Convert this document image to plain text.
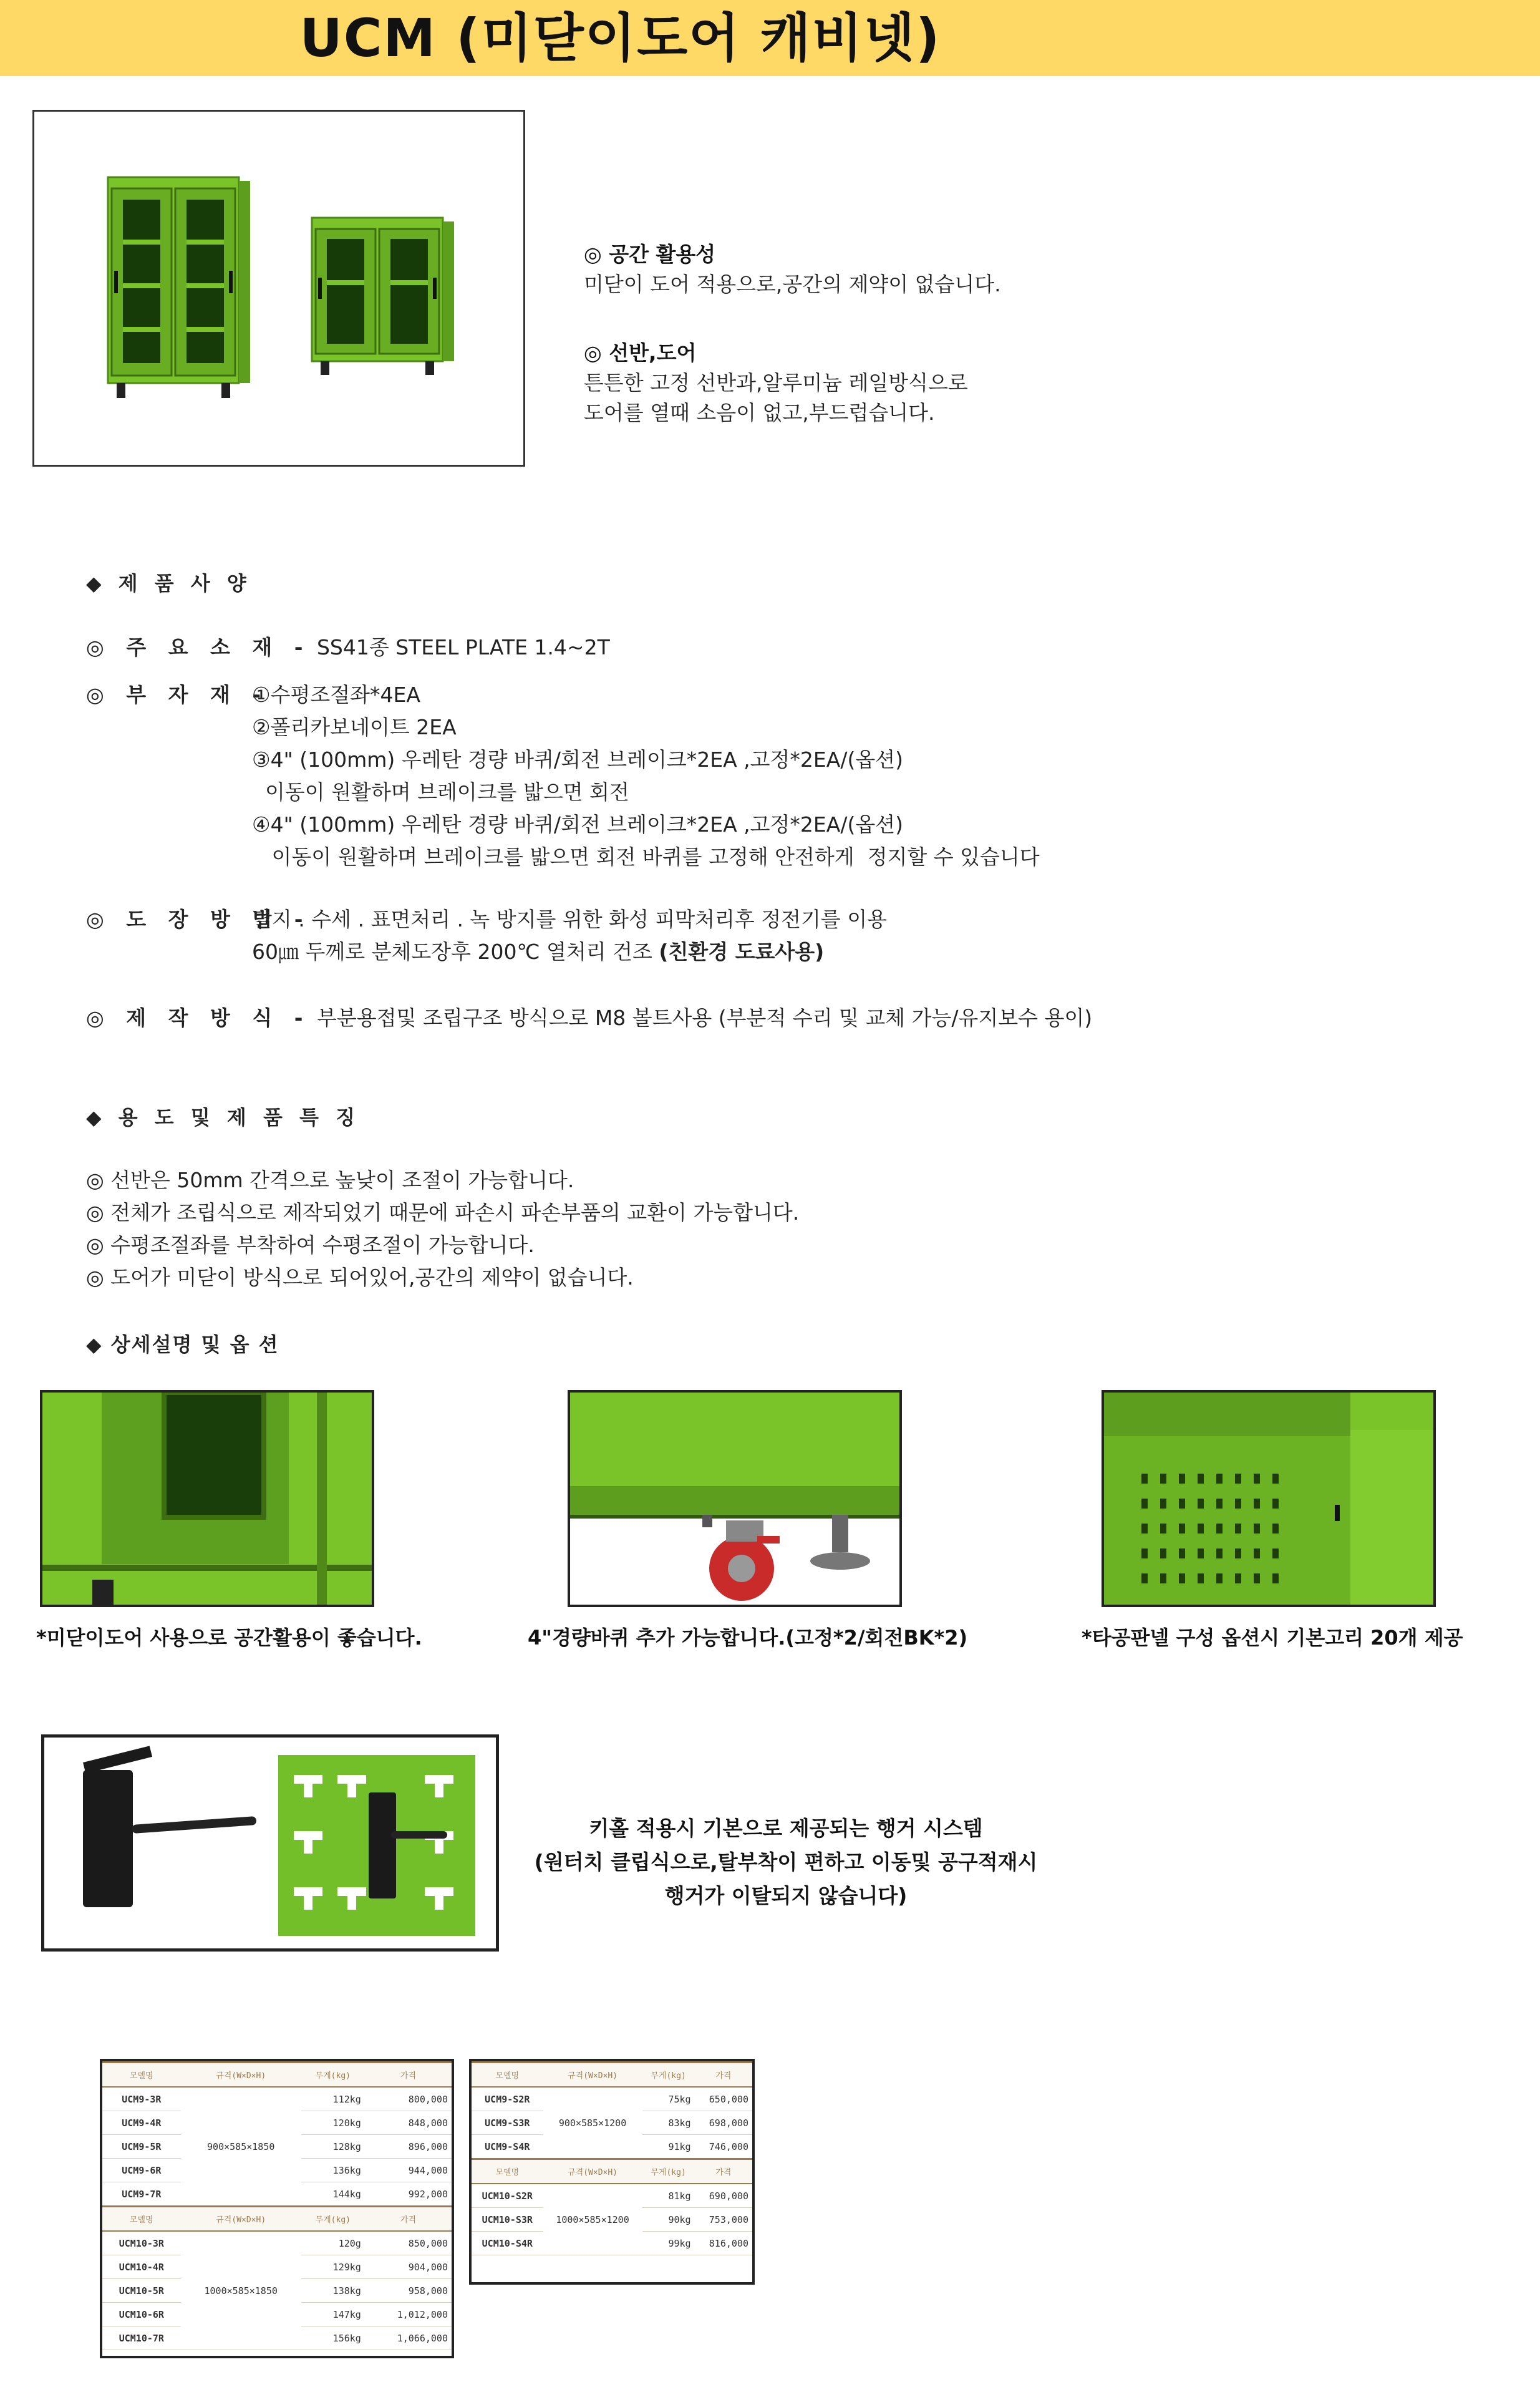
UCM (미닫이도어 캐비넷)
◎ 공간 활용성
미닫이 도어 적용으로,공간의 제약이 없습니다.
◎ 선반,도어
튼튼한 고정 선반과,알루미늄 레일방식으로
도어를 열때 소음이 없고,부드럽습니다.
◆ 제 품 사 양
◎ 주 요 소 재 - SS41종 STEEL PLATE 1.4~2T
◎ 부 자 재 -
①수평조절좌*4EA
②폴리카보네이트 2EA
③4" (100mm) 우레탄 경량 바퀴/회전 브레이크*2EA ,고정*2EA/(옵션)
이동이 원활하며 브레이크를 밟으면 회전
④4" (100mm) 우레탄 경량 바퀴/회전 브레이크*2EA ,고정*2EA/(옵션)
이동이 원활하며 브레이크를 밟으면 회전 바퀴를 고정해 안전하게  정지할 수 있습니다
◎ 도 장 방 법 -
탈지 . 수세 . 표면처리 . 녹 방지를 위한 화성 피막처리후 정전기를 이용
60㎛ 두께로 분체도장후 200℃ 열처리 건조 (친환경 도료사용)
◎ 제 작 방 식 - 부분용접및 조립구조 방식으로 M8 볼트사용 (부분적 수리 및 교체 가능/유지보수 용이)
◆ 용 도 및 제 품 특 징
◎ 선반은 50mm 간격으로 높낮이 조절이 가능합니다.
◎ 전체가 조립식으로 제작되었기 때문에 파손시 파손부품의 교환이 가능합니다.
◎ 수평조절좌를 부착하여 수평조절이 가능합니다.
◎ 도어가 미닫이 방식으로 되어있어,공간의 제약이 없습니다.
◆ 상세설명 및 옵 션
*미닫이도어 사용으로 공간활용이 좋습니다.	4"경량바퀴 추가 가능합니다.(고정*2/회전BK*2)	*타공판넬 구성 옵션시 기본고리 20개 제공
키홀 적용시 기본으로 제공되는 행거 시스템
(원터치 클립식으로,탈부착이 편하고 이동및 공구적재시
행거가 이탈되지 않습니다)
모델명	규격(W×D×H)	무게(kg)	가격
UCM9-3R	900×585×1850	112kg	800,000
UCM9-4R		120kg	848,000
UCM9-5R		128kg	896,000
UCM9-6R		136kg	944,000
UCM9-7R		144kg	992,000
모델명	규격(W×D×H)	무게(kg)	가격
UCM10-3R	1000×585×1850	120g	850,000
UCM10-4R		129kg	904,000
UCM10-5R		138kg	958,000
UCM10-6R		147kg	1,012,000
UCM10-7R		156kg	1,066,000
모델명	규격(W×D×H)	무게(kg)	가격
UCM9-S2R	900×585×1200	75kg	650,000
UCM9-S3R		83kg	698,000
UCM9-S4R		91kg	746,000
모델명	규격(W×D×H)	무게(kg)	가격
UCM10-S2R	1000×585×1200	81kg	690,000
UCM10-S3R		90kg	753,000
UCM10-S4R		99kg	816,000
